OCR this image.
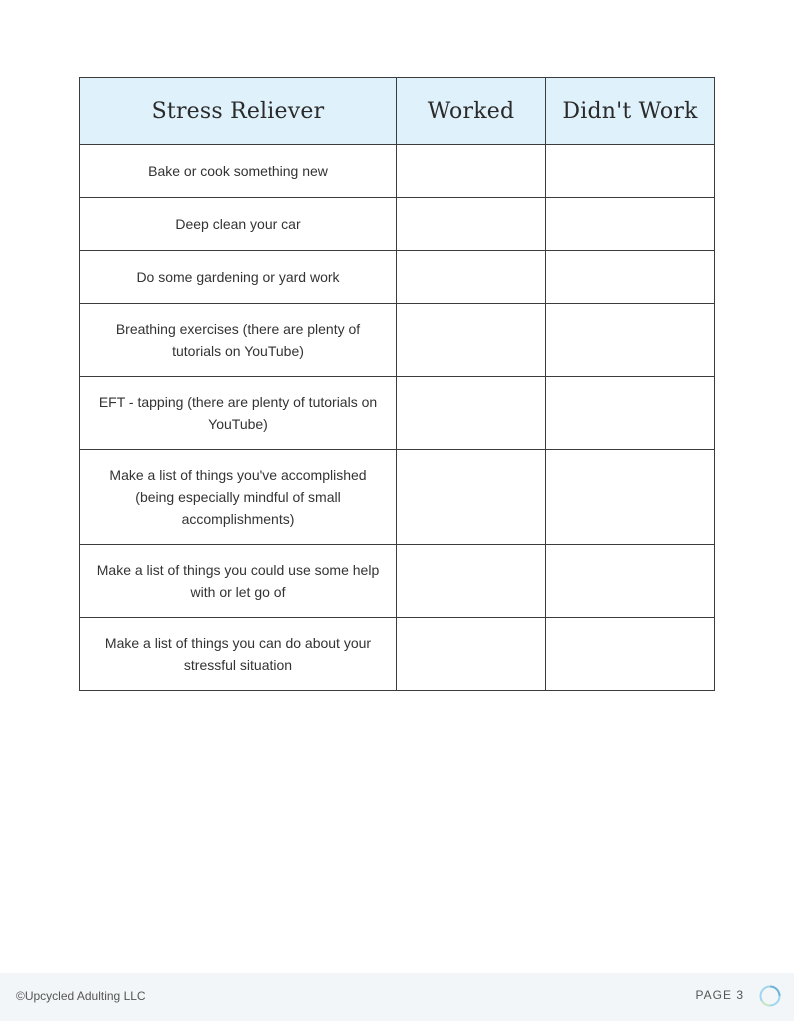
Stress Reliever	Worked	Didn't Work
Bake or cook something new		
Deep clean your car		
Do some gardening or yard work		
Breathing exercises (there are plenty of tutorials on YouTube)		
EFT - tapping (there are plenty of tutorials on YouTube)		
Make a list of things you've accomplished (being especially mindful of small accomplishments)		
Make a list of things you could use some help with or let go of		
Make a list of things you can do about your stressful situation		
©Upcycled Adulting LLC	PAGE 3
